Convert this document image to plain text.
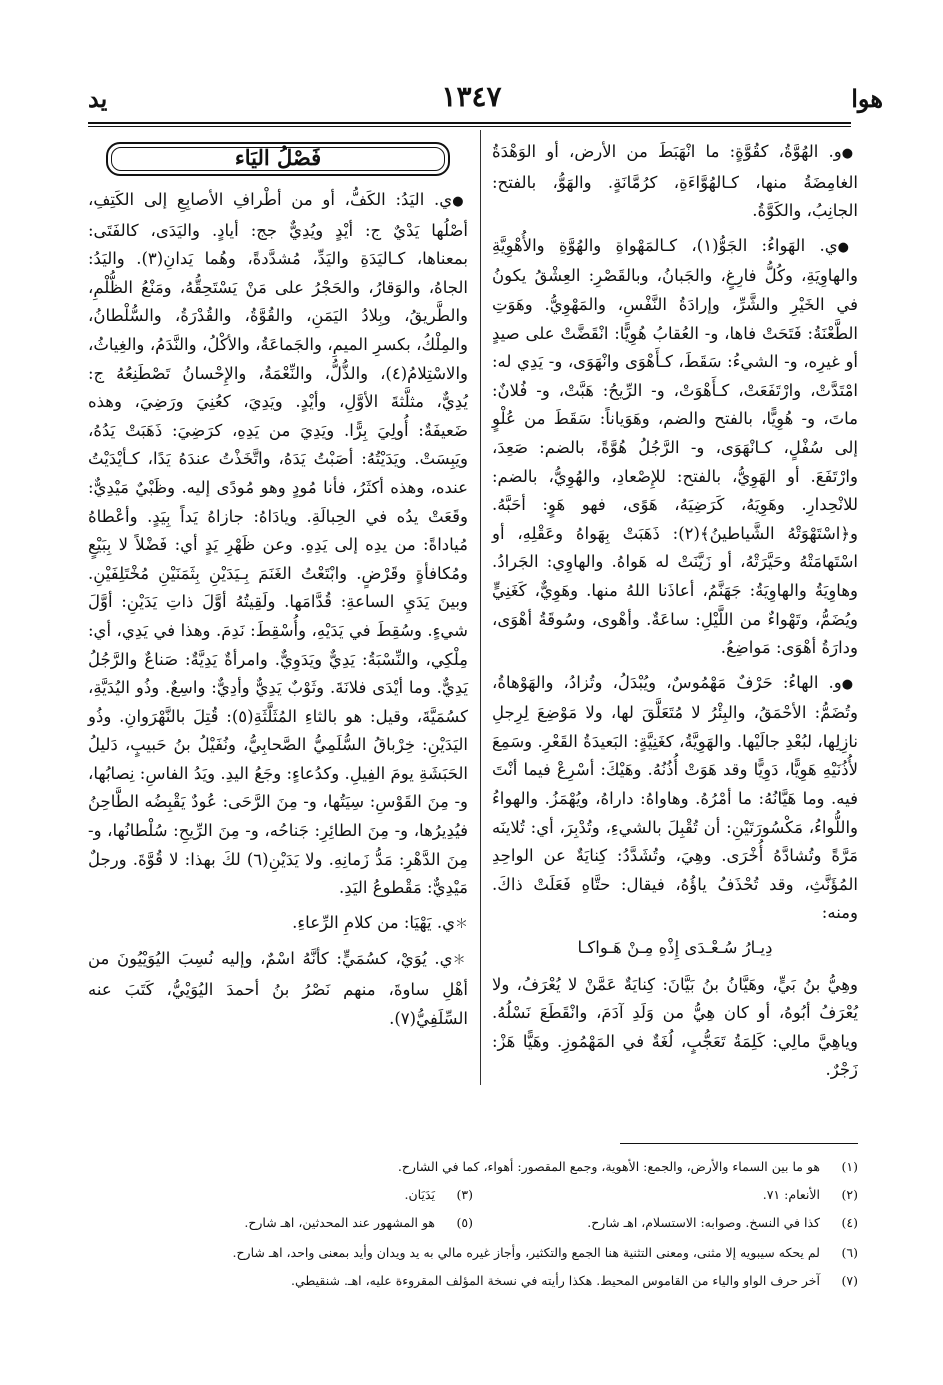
يد	١٣٤٧	هوا

●و. الهُوَّةُ، كقُوَّةٍ: ما انْهَبَطَ من الأرض، أو الوَهْدَةُ الغامِضَةُ منها، كـالهُوَّاءَةِ، كرُمَّانَةٍ. والهَوُّ، بالفتح: الجانِبُ، والكَوَّةُ.

●ي. الهَواءُ: الجَوُّ(١)، كـالمَهْواةِ والهُوَّةِ والأُهْوِيَّةِ والهاوِيَةِ، وكُلُّ فارِغٍ، والجَبانُ، وبالقَصْرِ: العِشْقُ يكونُ في الخَيْرِ والشَّرِّ، وإرادَةُ النَّفْسِ، والمَهْوِيُّ. وهَوَتِ الطَّعْنَةُ: فَتَحَتْ فاها، و- العُقابُ هُوِيًّا: انْقَضَّتْ على صيدٍ أو غيرِه، و- الشيءُ: سَقَطَ، كـأَهْوَى وانْهَوَى، و- يَدِي له: امْتَدَّتْ، وارْتَفَعَتْ، كـأَهْوَتْ، و- الرِّيحُ: هَبَّتْ، و- فُلانٌ: ماتَ، و- هُوِيًّا، بالفتح والضم، وهَوَياناً: سَقَطَ من عُلْوٍ إلى سُفْلٍ، كـانْهَوَى، و- الرَّجُلُ هُوَّةً، بالضم: صَعِدَ، وارْتَفَعَ. أو الهَوِيُّ، بالفتح: للإِصْعادِ، والهُوِيُّ، بالضم: للانْحِدارِ. وهَوِيَهُ، كَرَضِيَهُ، هَوًى، فهو هَوٍ: أحَبَّهُ. و﴿اسْتَهْوَتْهُ الشَّياطينُ﴾(٢): ذَهَبَتْ بِهَواهُ وعَقْلِهِ، أو اسْتَهامَتْهُ وحَيَّرَتْهُ، أو زَيَّنَتْ له هَواهُ. والهاوِي: الجَرادُ. وهاوِيَةُ والهاوِيَةُ: جَهَنَّمُ، أعاذَنا اللهُ منها. وهَوِيٌّ، كَغَنِيٍّ ويُضَمُّ، وتَهْواءٌ من اللَّيْلِ: ساعَةٌ. وأهْوى، وسُوقَةُ أهْوَى، ودارَةُ أهْوَى: مَواضِعُ.

●و. الهاءُ: حَرْفٌ مَهْمُوسٌ، ويُبْدَلُ، وتُزادُ، والهَوْهاةُ، وتُضَمُّ: الأحْمَقُ، والبِئْرُ لا مُتَعَلَّقَ لها، ولا مَوْضِعَ لِرِجلِ نازِلِها، لبُعْدِ جالَيْها. والهَوِيَّةُ، كغَنِيَّةٍ: البَعيدَةُ القَعْرِ. وسَمِعَ لأُذُنَيْهِ هَوِيًّا، دَوِيًّا وقد هَوَتْ أُذُنُهُ. وهَيْكَ: أسْرِعْ فيما أنْتَ فيه. وما هَيَّانُهُ: ما أمْرُهُ. وهاواهُ: داراهُ، ويُهْمَزُ. والهواءُ واللُّواءُ، مَكْسُورَتَيْنِ: أن تُقْبِلَ بالشيءِ، وتُدْبِرَ، أي: تُلاينَه مَرَّةً وتُشادَّهُ أُخْرَى. وهِيَ، وتُشَدَّدُ: كِنايَةٌ عن الواحِدِ المُؤَنَّثِ، وقد تُحْذَفُ ياؤُهُ، فيقال: حتَّاهِ فَعَلَتْ ذاكَ. ومنه:

دِيـارُ سُـعْـدَى إِذْهِ مِـنْ هَـواكـا

وهِيُّ بنُ بَيٍّ، وهَيَّانُ بنُ بَيَّانَ: كِنايَةٌ عَمَّنْ لا يُعْرَفُ، ولا يُعْرَفُ أبُوهُ، أو كان هِيُّ من وَلَدِ آدَمَ، وانْقَطَعَ نَسْلُهُ. وياهِيَّ مالِي: كَلِمَةُ تَعَجُّبٍ، لُغَةٌ في المَهْمُوزِ. وهَيًّا هَزْ: زَجْرٌ.

فَصْلُ اليَاء

●ي. اليَدُ: الكَفُّ، أو من أطْرافِ الأصابِعِ إلى الكَتِفِ، أصْلُها يَدْيٌ ج: أيْدٍ ويُدِيٌّ جج: أيادٍ. واليَدَى، كالفَتَى: بمعناها، كـاليَدَةِ واليَدِّ، مُشدَّدةً، وهُما يَدانِ(٣). واليَدُ: الجاهُ، والوَقارُ، والحَجْرُ على مَنْ يَسْتَحِقُّهُ، ومَنْعُ الظُّلْمِ، والطَّريقُ، وبِلادُ اليَمَنِ، والقُوَّةُ، والقُدْرَةُ، والسُّلْطانُ، والمِلْكُ، بكسرِ الميمِ، والجَماعَةُ، والأكْلُ، والنَّدَمُ، والغِياثُ، والاسْتِلامُ(٤)، والذُّلُّ، والنِّعْمَةُ، والإِحْسانُ تَصْطَنِعُهُ ج: يُدِيٌّ، مثلَّثةَ الأوَّلِ، وأيْدٍ. ويَدِيَ، كعُنِيَ ورَضِيَ، وهذه ضَعيفَةٌ: أُولِيَ بِرًّا. ويَدِيَ من يَدِهِ، كرَضِيَ: ذَهَبَتْ يَدُهُ، ويَبِسَتْ. ويَدَيْتُهُ: أصَبْتُ يَدَهُ، واتَّخَذْتُ عندَهُ يَدًا، كـأيْدَيْتُ عنده، وهذه أكثَرُ، فأنا مُودٍ وهو مُودًى إليه. وظَبْيٌ مَيْدِيٌّ: وقَعَتْ يدُه في الحِبالَةِ. ويادَاهُ: جازاهُ يَداً بِيَدٍ. وأعْطاهُ مُياداةً: من يدِه إلى يَدِهِ. وعن ظَهْرِ يَدٍ أي: فَضْلاً لا بِبَيْعٍ ومُكافأةٍ وقَرْضٍ. وابْتَعْتُ الغَنَمَ بِـيَدَيْنِ بِثَمَنَيْنِ مُخْتَلِفَيْنِ. وبينَ يَدَيِ الساعةِ: قُدَّامَها. ولَقِيتُهُ أوَّلَ ذاتِ يَدَيْنِ: أوَّلَ شيءٍ. وسُقِطَ في يَدَيْهِ، وأُسْقِطَ: نَدِمَ. وهذا في يَدِي، أي: مِلْكِي، والنِّسْبَةُ: يَدِيٌّ ويَدَوِيٌّ. وامرأةٌ يَدِيَّةٌ: صَناعٌ والرَّجُلُ يَدِيٌّ. وما أيْدَى فلانَةَ. وثَوْبٌ يَدِيٌّ وأدِيٌّ: واسِعٌ. وذُو اليُدَيَّةِ، كسُمَيَّةَ، وقيل: هو بالثاءِ المُثَلَّثَةِ(٥): قُتِلَ بالنَّهْرَوانِ. وذُو اليَدَيْنِ: خِرْباقُ السُّلَمِيُّ الصَّحابِيُّ، ونُفَيْلُ بنُ حَبيبٍ، دَليلُ الحَبَشَةِ يومَ الفِيلِ. وكدُعاءٍ: وجَعُ اليدِ. ويَدُ الفاسِ: نِصابُها، و- مِنَ القَوْسِ: سِيَتُها، و- مِنَ الرَّحَى: عُودٌ يَقْبِضُه الطَّاحِنُ فيُدِيرُها، و- مِنَ الطائِرِ: جَناحُه، و- مِنَ الرِّيحِ: سُلْطانُها، و- مِنَ الدَّهْرِ: مَدُّ زَمانِهِ. ولا يَدَيْنِ(٦) لكَ بهذا: لا قُوَّةَ. ورجلٌ مَيْدِيٌّ: مَقْطوعُ اليَدِ.

＊ي. يَهْيَا: من كلامِ الرِّعاءِ.

＊ي. يُوَيْ، كسُمَيٍّ: كأنَّهُ اسْمٌ، وإليه نُسِبَ اليُوَيْيُونَ من أهْلِ ساوةَ، منهم نَصْرُ بنُ أحمدَ اليُوَيْيُّ، كَتَبَ عنه السِّلَفِيُّ(٧).

(١)هو ما بين السماء والأرض، والجمع: الأهوية، وجمع المقصور: أهواء، كما في الشارح.
(٢)الأنعام: ٧١.
(٣)يَدَيَان.
(٤)كذا في النسخ. وصوابه: الاستسلام، اهـ شارح.
(٥)هو المشهور عند المحدثين، اهـ شارح.
(٦)لم يحكه سيبويه إلا مثنى، ومعنى التثنية هنا الجمع والتكثير، وأجاز غيره مالي به يد ويدان وأيد بمعنى واحد، اهـ شارح.
(٧)آخر حرف الواو والياء من القاموس المحيط. هكذا رأيته في نسخة المؤلف المقروءة عليه، اهـ. شنقيطي.
